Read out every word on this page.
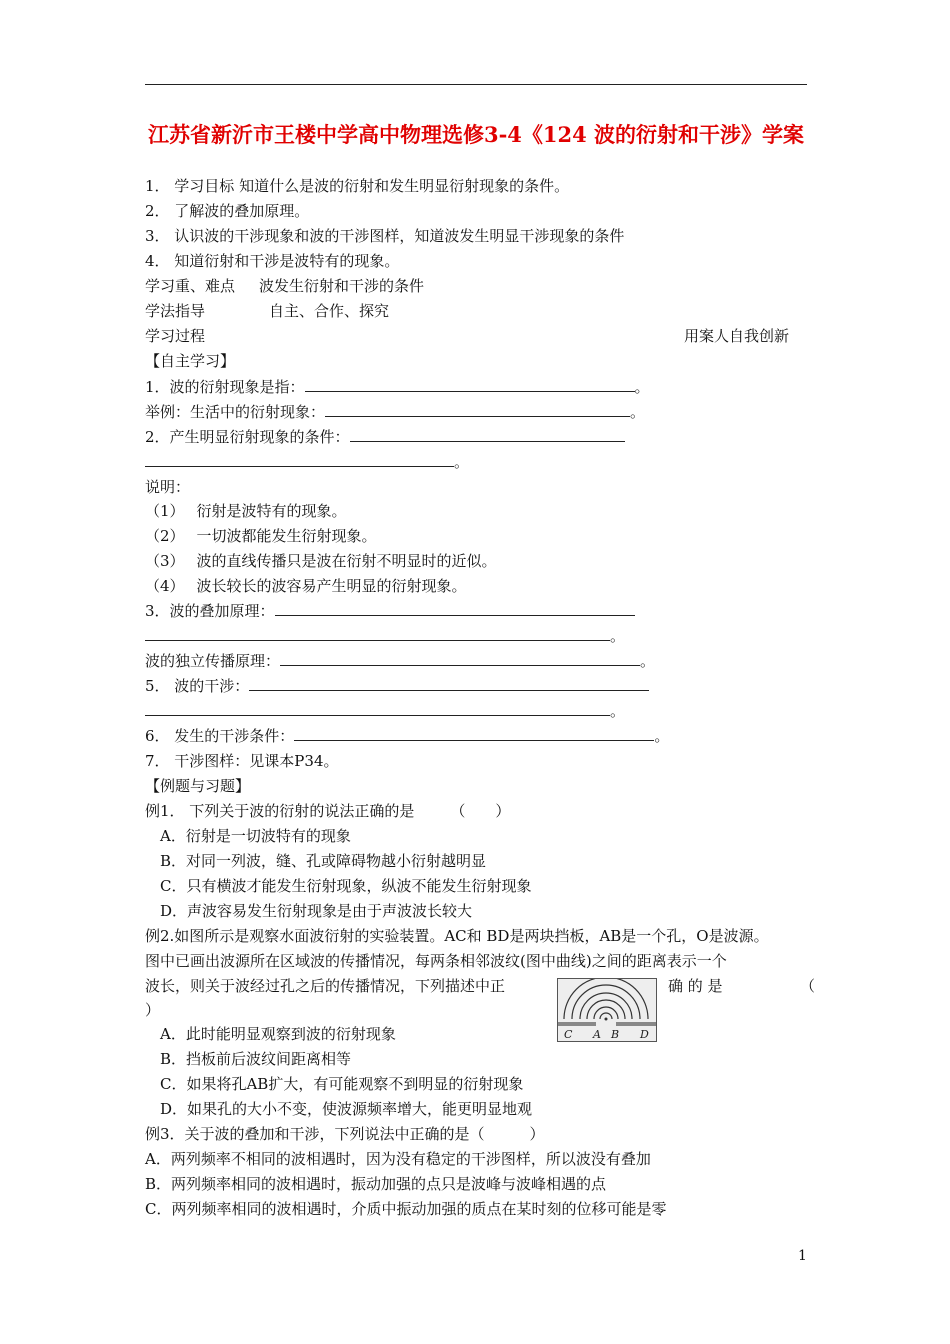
江苏省新沂市王楼中学高中物理选修3-4《124 波的衍射和干涉》学案
1． 学习目标 知道什么是波的衍射和发生明显衍射现象的条件。
2． 了解波的叠加原理。
3． 认识波的干涉现象和波的干涉图样，知道波发生明显干涉现象的条件
4． 知道衍射和干涉是波特有的现象。
学习重、难点 波发生衍射和干涉的条件
学法指导	自主、合作、探究
学习过程	用案人自我创新
【自主学习】
1．波的衍射现象是指：	。
举例：生活中的衍射现象：	。
2．产生明显衍射现象的条件：
。
说明：
（1） 衍射是波特有的现象。
（2） 一切波都能发生衍射现象。
（3） 波的直线传播只是波在衍射不明显时的近似。
（4） 波长较长的波容易产生明显的衍射现象。
3．波的叠加原理：
。
波的独立传播原理：	。
5． 波的干涉：
。
6． 发生的干涉条件：	。
7． 干涉图样：见课本P34。
【例题与习题】
例1． 下列关于波的衍射的说法正确的是 （　　）
A．衍射是一切波特有的现象
B．对同一列波，缝、孔或障碍物越小衍射越明显
C．只有横波才能发生衍射现象，纵波不能发生衍射现象
D．声波容易发生衍射现象是由于声波波长较大
例2.如图所示是观察水面波衍射的实验装置。AC和 BD是两块挡板，AB是一个孔，O是波源。
图中已画出波源所在区域波的传播情况，每两条相邻波纹(图中曲线)之间的距离表示一个
波长，则关于波经过孔之后的传播情况，下列描述中正	确 的 是	（
）
C A B D
A．此时能明显观察到波的衍射现象
B．挡板前后波纹间距离相等
C．如果将孔AB扩大，有可能观察不到明显的衍射现象
D．如果孔的大小不变，使波源频率增大，能更明显地观
例3．关于波的叠加和干涉，下列说法中正确的是（　　　）
A．两列频率不相同的波相遇时，因为没有稳定的干涉图样，所以波没有叠加
B．两列频率相同的波相遇时，振动加强的点只是波峰与波峰相遇的点
C．两列频率相同的波相遇时，介质中振动加强的质点在某时刻的位移可能是零
1
